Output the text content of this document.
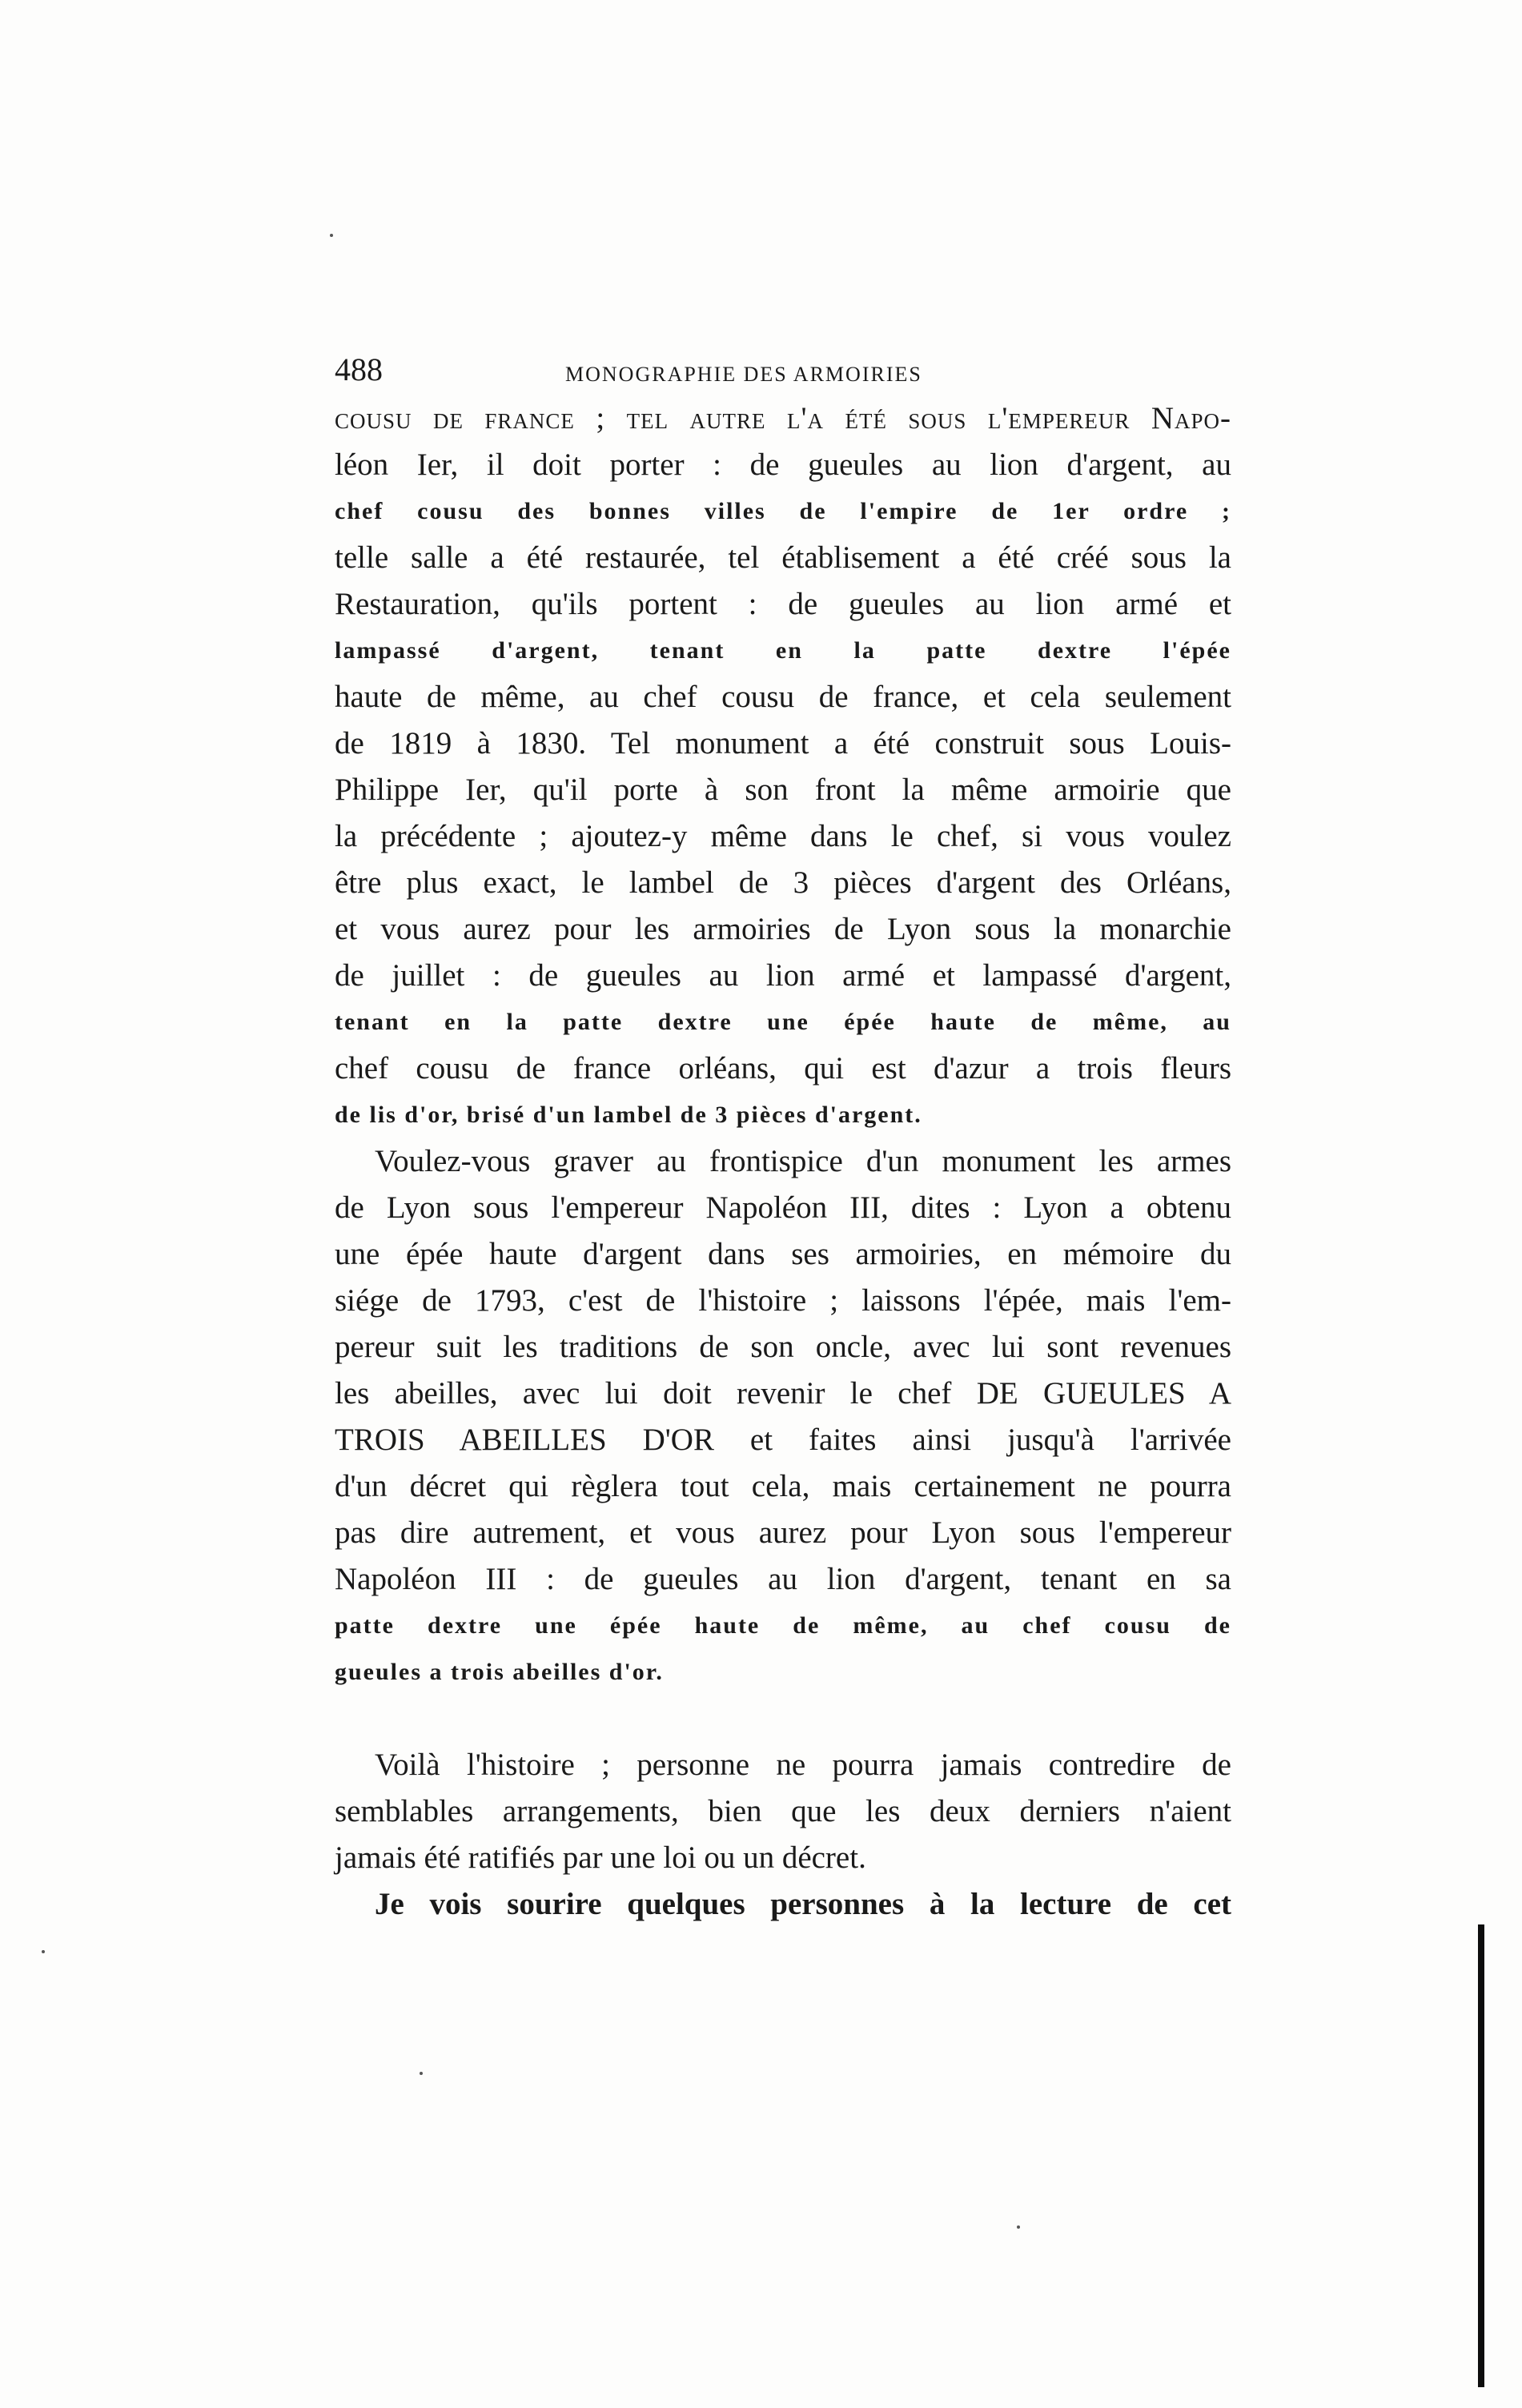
488	MONOGRAPHIE DES ARMOIRIES
cousu de france ; tel autre l'a été sous l'empereur Napo-
léon Ier, il doit porter : de gueules au lion d'argent, au
chef cousu des bonnes villes de l'empire de 1er ordre ;
telle salle a été restaurée, tel établisement a été créé sous la
Restauration, qu'ils portent : de gueules au lion armé et
lampassé d'argent, tenant en la patte dextre l'épée
haute de même, au chef cousu de france, et cela seulement
de 1819 à 1830. Tel monument a été construit sous Louis-
Philippe Ier, qu'il porte à son front la même armoirie que
la précédente ; ajoutez-y même dans le chef, si vous voulez
être plus exact, le lambel de 3 pièces d'argent des Orléans,
et vous aurez pour les armoiries de Lyon sous la monarchie
de juillet : de gueules au lion armé et lampassé d'argent,
tenant en la patte dextre une épée haute de même, au
chef cousu de france orléans, qui est d'azur a trois fleurs
de lis d'or, brisé d'un lambel de 3 pièces d'argent.
Voulez-vous graver au frontispice d'un monument les armes
de Lyon sous l'empereur Napoléon III, dites : Lyon a obtenu
une épée haute d'argent dans ses armoiries, en mémoire du
siége de 1793, c'est de l'histoire ; laissons l'épée, mais l'em-
pereur suit les traditions de son oncle, avec lui sont revenues
les abeilles, avec lui doit revenir le chef DE GUEULES A
TROIS ABEILLES D'OR et faites ainsi jusqu'à l'arrivée
d'un décret qui règlera tout cela, mais certainement ne pourra
pas dire autrement, et vous aurez pour Lyon sous l'empereur
Napoléon III : de gueules au lion d'argent, tenant en sa
patte dextre une épée haute de même, au chef cousu de
gueules a trois abeilles d'or.
Voilà l'histoire ; personne ne pourra jamais contredire de
semblables arrangements, bien que les deux derniers n'aient
jamais été ratifiés par une loi ou un décret.
Je vois sourire quelques personnes à la lecture de cet
